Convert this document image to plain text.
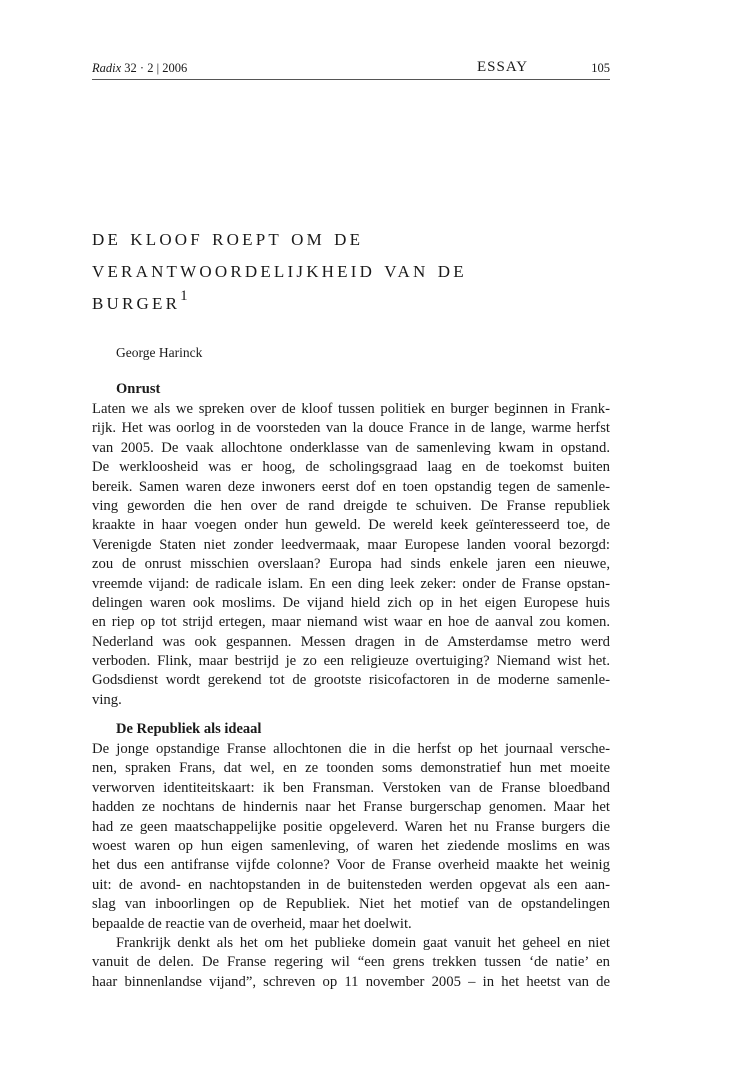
Radix 32 · 2 | 2006	ESSAY	105
de kloof roept om de
verantwoordelijkheid van de
burger$^1$

George Harinck

Onrust

Laten we als we spreken over de kloof tussen politiek en burger beginnen in Frank-
rijk. Het was oorlog in de voorsteden van la douce France in de lange, warme herfst
van 2005. De vaak allochtone onderklasse van de samenleving kwam in opstand.
De werkloosheid was er hoog, de scholingsgraad laag en de toekomst buiten
bereik. Samen waren deze inwoners eerst dof en toen opstandig tegen de samenle-
ving geworden die hen over de rand dreigde te schuiven. De Franse republiek
kraakte in haar voegen onder hun geweld. De wereld keek geïnteresseerd toe, de
Verenigde Staten niet zonder leedvermaak, maar Europese landen vooral bezorgd:
zou de onrust misschien overslaan? Europa had sinds enkele jaren een nieuwe,
vreemde vijand: de radicale islam. En een ding leek zeker: onder de Franse opstan-
delingen waren ook moslims. De vijand hield zich op in het eigen Europese huis
en riep op tot strijd ertegen, maar niemand wist waar en hoe de aanval zou komen.
Nederland was ook gespannen. Messen dragen in de Amsterdamse metro werd
verboden. Flink, maar bestrijd je zo een religieuze overtuiging? Niemand wist het.
Godsdienst wordt gerekend tot de grootste risicofactoren in de moderne samenle-
ving.

De Republiek als ideaal

De jonge opstandige Franse allochtonen die in die herfst op het journaal versche-
nen, spraken Frans, dat wel, en ze toonden soms demonstratief hun met moeite
verworven identiteitskaart: ik ben Fransman. Verstoken van de Franse bloedband
hadden ze nochtans de hindernis naar het Franse burgerschap genomen. Maar het
had ze geen maatschappelijke positie opgeleverd. Waren het nu Franse burgers die
woest waren op hun eigen samenleving, of waren het ziedende moslims en was
het dus een antifranse vijfde colonne? Voor de Franse overheid maakte het weinig
uit: de avond- en nachtopstanden in de buitensteden werden opgevat als een aan-
slag van inboorlingen op de Republiek. Niet het motief van de opstandelingen
bepaalde de reactie van de overheid, maar het doelwit.

Frankrijk denkt als het om het publieke domein gaat vanuit het geheel en niet
vanuit de delen. De Franse regering wil “een grens trekken tussen ‘de natie’ en
haar binnenlandse vijand”, schreven op 11 november 2005 – in het heetst van de
